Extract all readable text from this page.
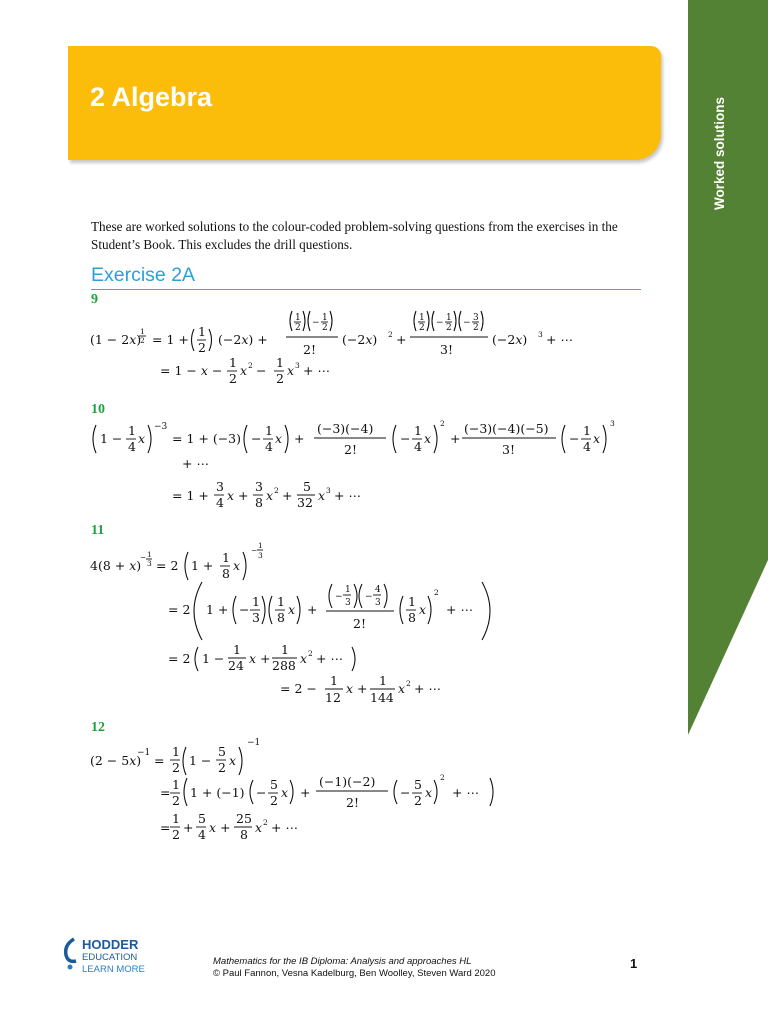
Worked solutions
2 Algebra
These are worked solutions to the colour-coded problem-solving questions from the exercises in the Student’s Book. This excludes the drill questions.
Exercise 2A
9
(1 − 2x)
1
2 = 1 +
1
2
(−2x) +
1
2 − 1
2
2!
(−2x) 2 +
1
2 − 1
2 − 3
2
3!
(−2x) 3 + ⋯
= 1 − x −
1
2
x 2 −
1
2
x 3 + ⋯
10
1 −
1
4
x
−3
= 1 + (−3) −
1
4
x +
(−3)(−4)
2!
−
1
4
x
2
+
(−3)(−4)(−5)
3!
−
1
4
x
3
+ ⋯
= 1 +
3
4 x +
3
8 x 2 +
5
32 x 3 + ⋯
11
4(8 + x)
− 1
3 = 2 1 +
1
8
x
−
1
3
= 2 1 + −
1
3
1
8
x +
−
1
3
−
4
3
2!
1
8
x
2
+ ⋯
= 2 1 −
1
24 x +
1
288 x 2 + ⋯
= 2 −
1
12
x +
1
144
x 2 + ⋯
12
(2 − 5x)
−1 =
1
2 1 −
5
2 x
−1
=
1
2
1 + (−1) −
5
2
x +
(−1)(−2)
2!
−
5
2
x
2
+ ⋯
=
1
2 +
5
4 x +
25
8 x 2 + ⋯
HODDER
EDUCATION
LEARN MORE
Mathematics for the IB Diploma: Analysis and approaches HL
© Paul Fannon, Vesna Kadelburg, Ben Woolley, Steven Ward 2020
1
